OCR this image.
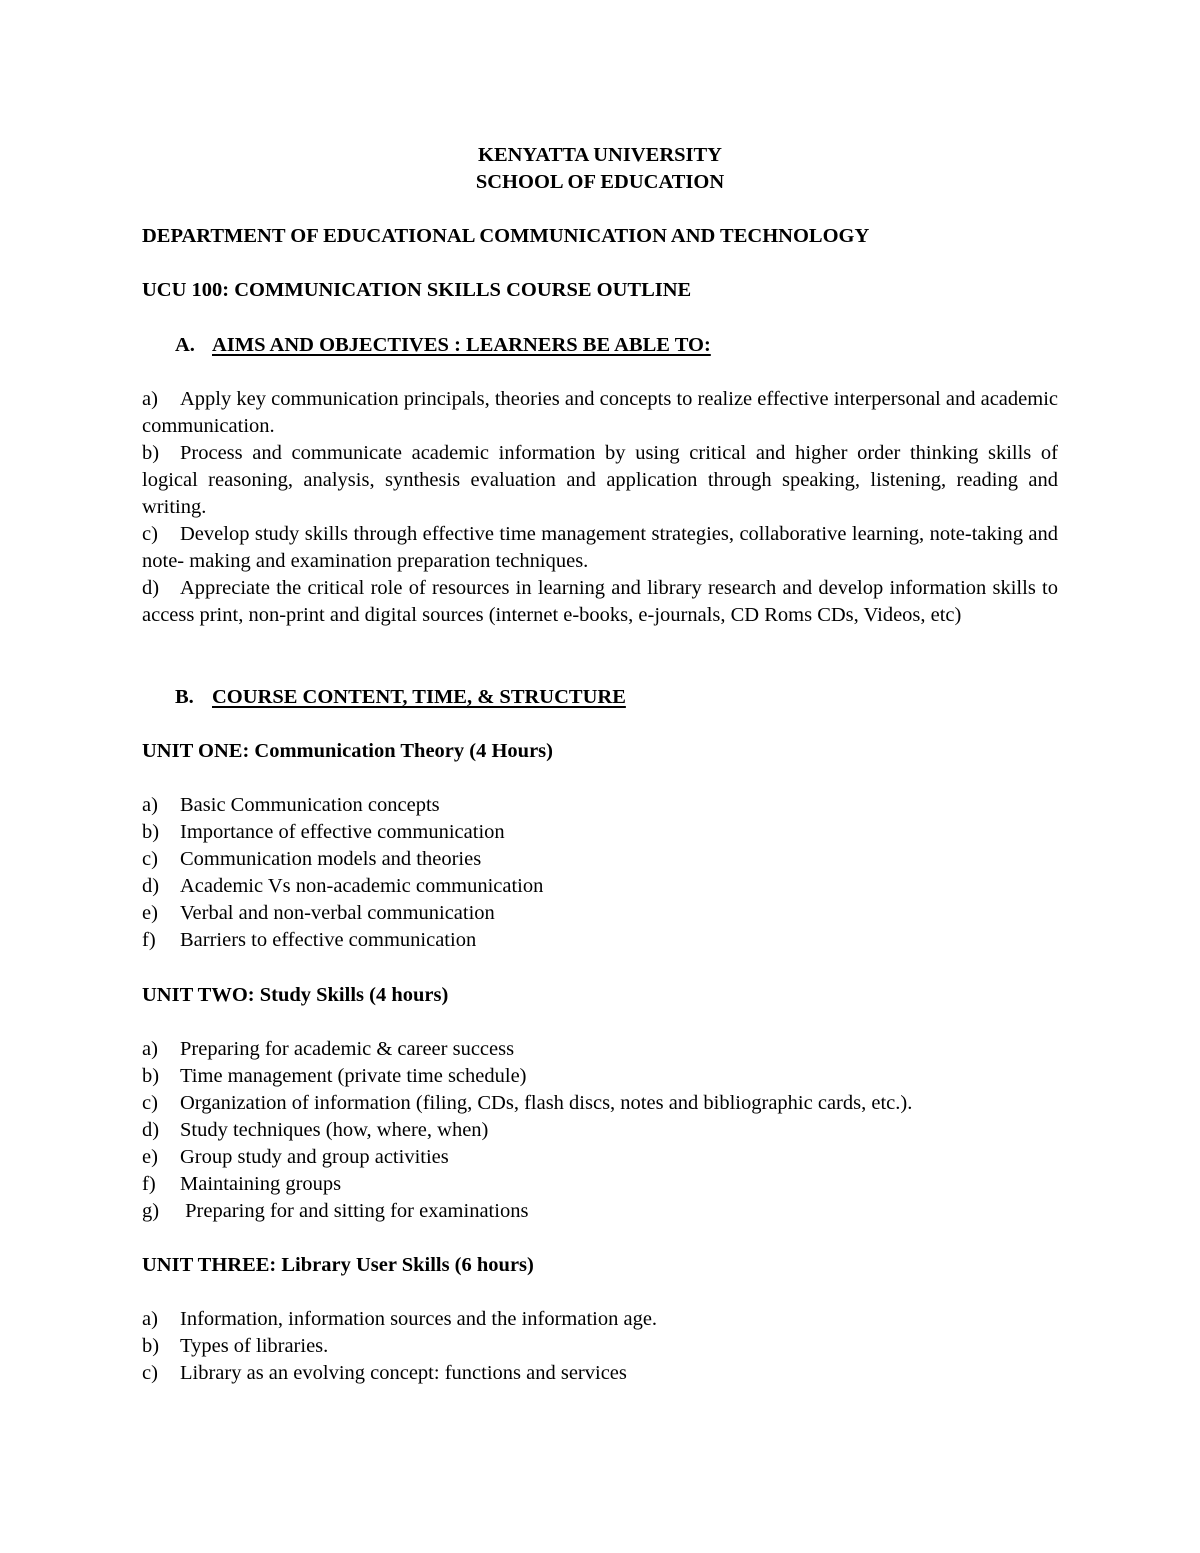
KENYATTA UNIVERSITY
SCHOOL OF EDUCATION
DEPARTMENT OF EDUCATIONAL COMMUNICATION AND TECHNOLOGY
UCU 100: COMMUNICATION SKILLS COURSE OUTLINE
A. AIMS AND OBJECTIVES : LEARNERS BE ABLE TO:

a) Apply key communication principals, theories and concepts to realize effective interpersonal and academic communication.

b) Process and communicate academic information by using critical and higher order thinking skills of logical reasoning, analysis, synthesis evaluation and application through speaking, listening, reading and writing.

c) Develop study skills through effective time management strategies, collaborative learning, note-taking and note- making and examination preparation techniques.

d) Appreciate the critical role of resources in learning and library research and develop information skills to access print, non-print and digital sources (internet e-books, e-journals, CD Roms CDs, Videos, etc)

B. COURSE CONTENT, TIME, & STRUCTURE
UNIT ONE: Communication Theory (4 Hours)
a) Basic Communication concepts
b) Importance of effective communication
c) Communication models and theories
d) Academic Vs non-academic communication
e) Verbal and non-verbal communication
f) Barriers to effective communication
UNIT TWO: Study Skills (4 hours)
a) Preparing for academic & career success
b) Time management (private time schedule)
c) Organization of information (filing, CDs, flash discs, notes and bibliographic cards, etc.).
d) Study techniques (how, where, when)
e) Group study and group activities
f) Maintaining groups
g) Preparing for and sitting for examinations
UNIT THREE: Library User Skills (6 hours)
a) Information, information sources and the information age.
b) Types of libraries.
c) Library as an evolving concept: functions and services
